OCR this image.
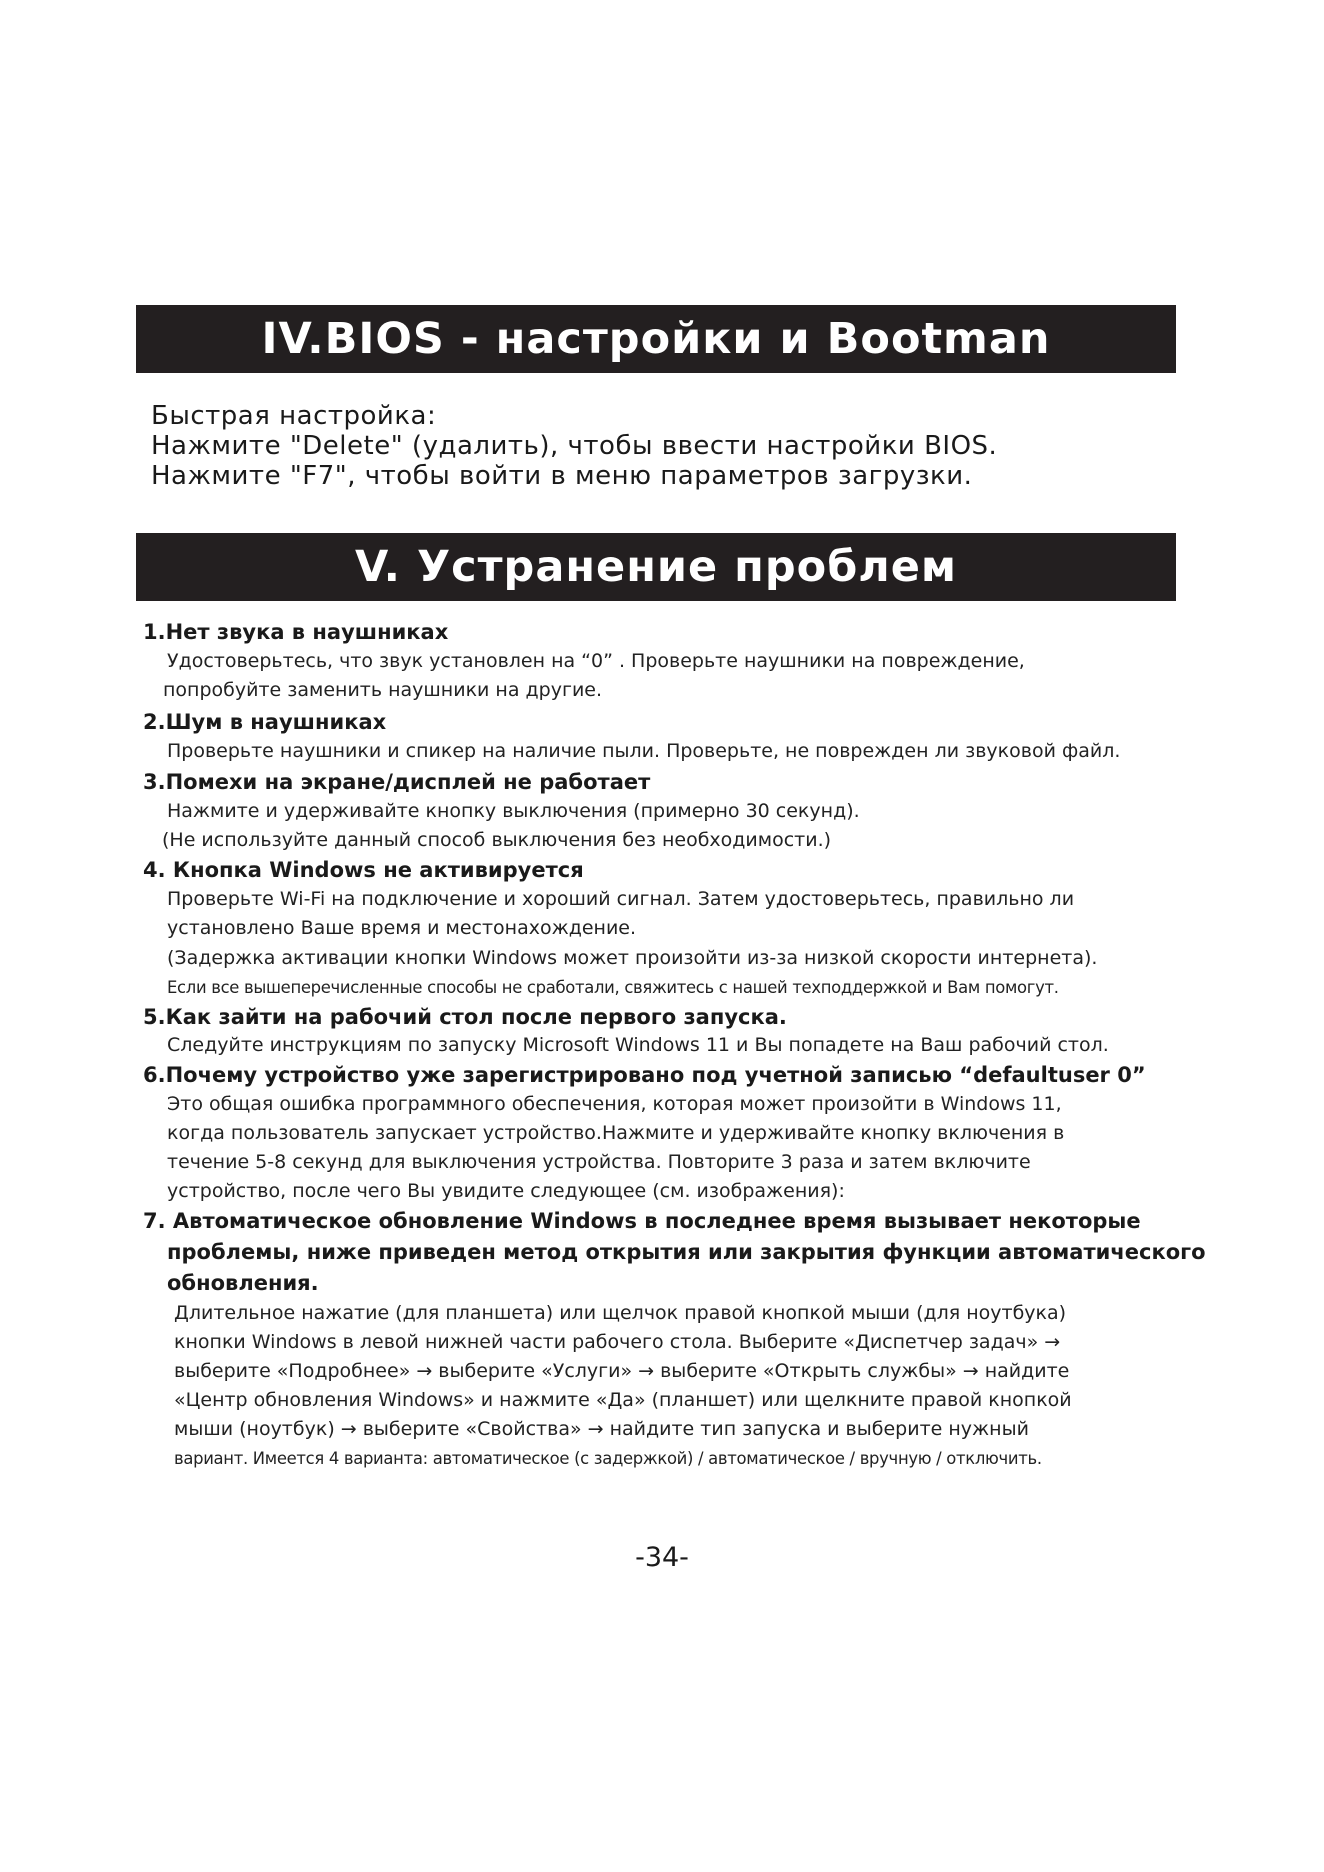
IV.BIOS - настройки и Bootman
Быстрая настройка:
Нажмите "Delete" (удалить), чтобы ввести настройки BIOS.
Нажмите "F7", чтобы войти в меню параметров загрузки.
V. Устранение проблем
1.Нет звука в наушниках
Удостоверьтесь, что звук установлен на “0” . Проверьте наушники на повреждение,
попробуйте заменить наушники на другие.
2.Шум в наушниках
Проверьте наушники и спикер на наличие пыли. Проверьте, не поврежден ли звуковой файл.
3.Помехи на экране/дисплей не работает
Нажмите и удерживайте кнопку выключения (примерно 30 секунд).
(Не используйте данный способ выключения без необходимости.)
4. Кнопка Windows не активируется
Проверьте Wi-Fi на подключение и хороший сигнал. Затем удостоверьтесь, правильно ли
установлено Ваше время и местонахождение.
(Задержка активации кнопки Windows может произойти из-за низкой скорости интернета).
Если все вышеперечисленные способы не сработали, свяжитесь с нашей техподдержкой и Вам помогут.
5.Как зайти на рабочий стол после первого запуска.
Следуйте инструкциям по запуску Microsoft Windows 11 и Вы попадете на Ваш рабочий стол.
6.Почему устройство уже зарегистрировано под учетной записью “defaultuser 0”
Это общая ошибка программного обеспечения, которая может произойти в Windows 11,
когда пользователь запускает устройство.Нажмите и удерживайте кнопку включения в
течение 5-8 секунд для выключения устройства. Повторите 3 раза и затем включите
устройство, после чего Вы увидите следующее (см. изображения):
7. Автоматическое обновление Windows в последнее время вызывает некоторые
проблемы, ниже приведен метод открытия или закрытия функции автоматического
обновления.
Длительное нажатие (для планшета) или щелчок правой кнопкой мыши (для ноутбука)
кнопки Windows в левой нижней части рабочего стола. Выберите «Диспетчер задач» →
выберите «Подробнее» → выберите «Услуги» → выберите «Открыть службы» → найдите
«Центр обновления Windows» и нажмите «Да» (планшет) или щелкните правой кнопкой
мыши (ноутбук) → выберите «Свойства» → найдите тип запуска и выберите нужный
вариант. Имеется 4 варианта: автоматическое (с задержкой) / автоматическое / вручную / отключить.
-34-
